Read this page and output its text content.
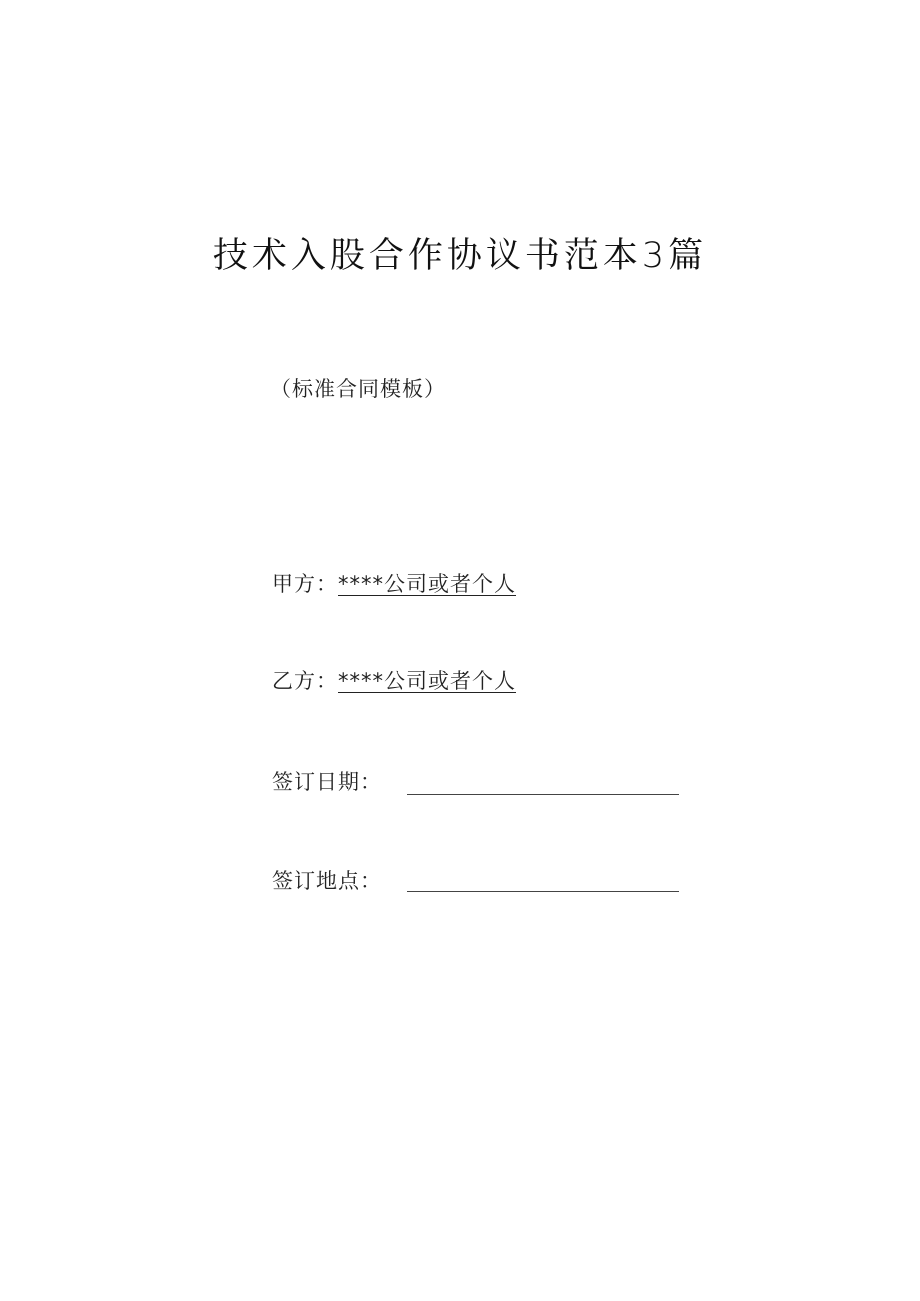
技术入股合作协议书范本3篇
（标准合同模板）
甲方：****公司或者个人
乙方：****公司或者个人
签订日期：
签订地点：
